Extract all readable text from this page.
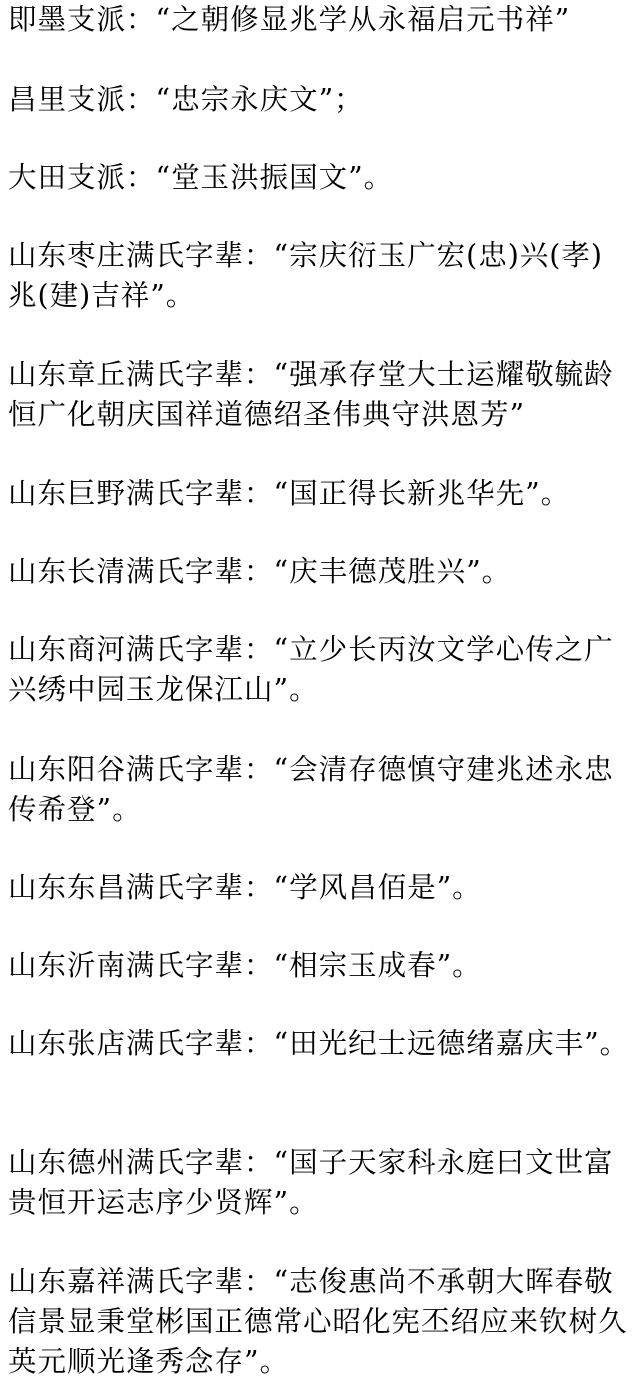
即墨支派：“之朝修显兆学从永福启元书祥”

昌里支派：“忠宗永庆文”；

大田支派：“堂玉洪振国文”。

山东枣庄满氏字辈：“宗庆衍玉广宏(忠)兴(孝)兆(建)吉祥”。

山东章丘满氏字辈：“强承存堂大士运耀敬毓龄恒广化朝庆国祥道德绍圣伟典守洪恩芳”

山东巨野满氏字辈：“国正得长新兆华先”。

山东长清满氏字辈：“庆丰德茂胜兴”。

山东商河满氏字辈：“立少长丙汝文学心传之广兴绣中园玉龙保江山”。

山东阳谷满氏字辈：“会清存德慎守建兆述永忠传希登”。

山东东昌满氏字辈：“学风昌佰是”。

山东沂南满氏字辈：“相宗玉成春”。

山东张店满氏字辈：“田光纪士远德绪嘉庆丰”。

山东德州满氏字辈：“国子天家科永庭曰文世富贵恒开运志序少贤辉”。

山东嘉祥满氏字辈：“志俊惠尚不承朝大晖春敬信景显秉堂彬国正德常心昭化宪丕绍应来钦树久英元顺光逢秀念存”。
